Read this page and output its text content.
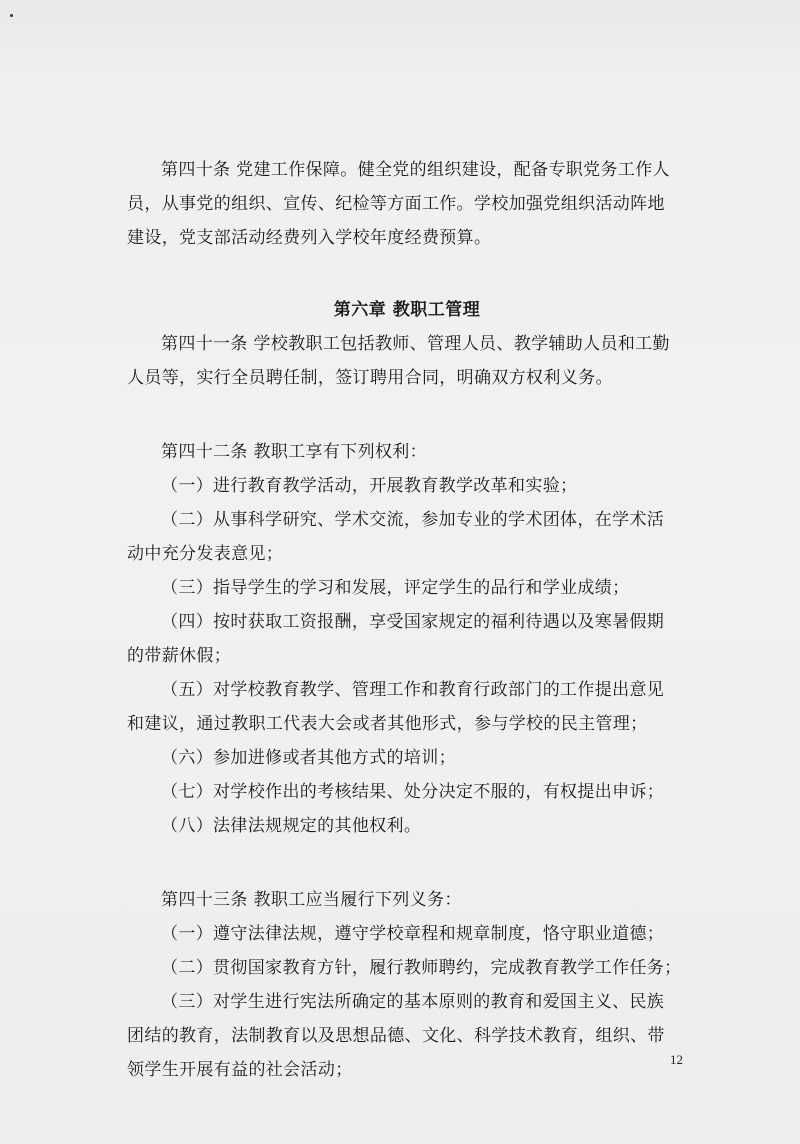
第四十条 党建工作保障。健全党的组织建设，配备专职党务工作人
员，从事党的组织、宣传、纪检等方面工作。学校加强党组织活动阵地
建设，党支部活动经费列入学校年度经费预算。
第六章 教职工管理
第四十一条 学校教职工包括教师、管理人员、教学辅助人员和工勤
人员等，实行全员聘任制，签订聘用合同，明确双方权利义务。
第四十二条 教职工享有下列权利：
（一）进行教育教学活动，开展教育教学改革和实验；
（二）从事科学研究、学术交流，参加专业的学术团体，在学术活
动中充分发表意见；
（三）指导学生的学习和发展，评定学生的品行和学业成绩；
（四）按时获取工资报酬，享受国家规定的福利待遇以及寒暑假期
的带薪休假；
（五）对学校教育教学、管理工作和教育行政部门的工作提出意见
和建议，通过教职工代表大会或者其他形式，参与学校的民主管理；
（六）参加进修或者其他方式的培训；
（七）对学校作出的考核结果、处分决定不服的，有权提出申诉；
（八）法律法规规定的其他权利。
第四十三条 教职工应当履行下列义务：
（一）遵守法律法规，遵守学校章程和规章制度，恪守职业道德；
（二）贯彻国家教育方针，履行教师聘约，完成教育教学工作任务；
（三）对学生进行宪法所确定的基本原则的教育和爱国主义、民族
团结的教育，法制教育以及思想品德、文化、科学技术教育，组织、带
领学生开展有益的社会活动；
12
